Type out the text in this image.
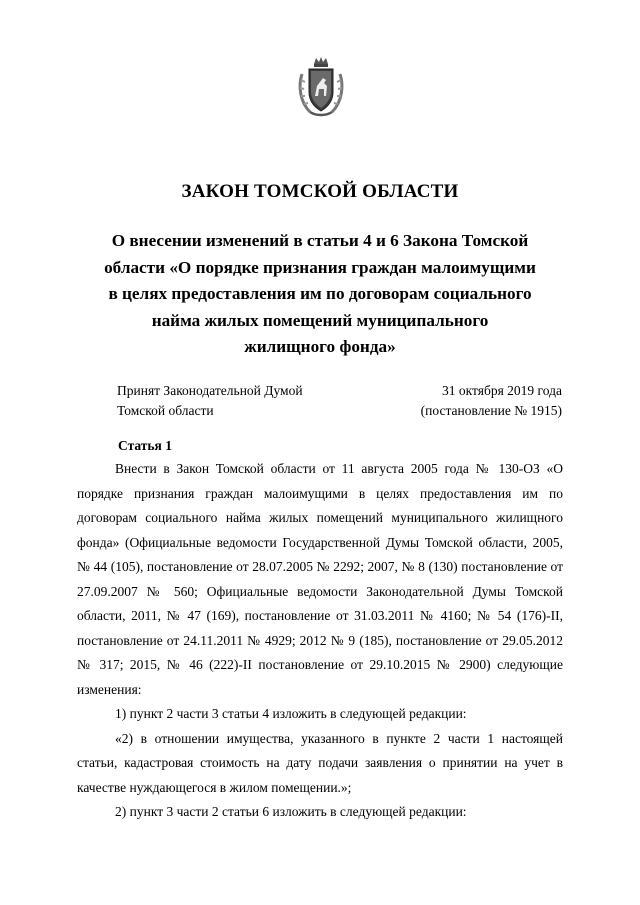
ЗАКОН ТОМСКОЙ ОБЛАСТИ
О внесении изменений в статьи 4 и 6 Закона Томской
области «О порядке признания граждан малоимущими
в целях предоставления им по договорам социального
найма жилых помещений муниципального
жилищного фонда»
Принят Законодательной Думой
Томской области
31 октября 2019 года
(постановление № 1915)
Статья 1

Внести в Закон Томской области от 11 августа 2005 года № 130-ОЗ «О порядке признания граждан малоимущими в целях предоставления им по договорам социального найма жилых помещений муниципального жилищного фонда» (Официальные ведомости Государственной Думы Томской области, 2005, № 44 (105), постановление от 28.07.2005 № 2292; 2007, № 8 (130) постановление от 27.09.2007 № 560; Официальные ведомости Законодательной Думы Томской области, 2011, № 47 (169), постановление от 31.03.2011 № 4160; № 54 (176)-II, постановление от 24.11.2011 № 4929; 2012 № 9 (185), постановление от 29.05.2012 № 317; 2015, № 46 (222)-II постановление от 29.10.2015 № 2900) следующие изменения:

1) пункт 2 части 3 статьи 4 изложить в следующей редакции:

«2) в отношении имущества, указанного в пункте 2 части 1 настоящей статьи, кадастровая стоимость на дату подачи заявления о принятии на учет в качестве нуждающегося в жилом помещении.»;

2) пункт 3 части 2 статьи 6 изложить в следующей редакции:
